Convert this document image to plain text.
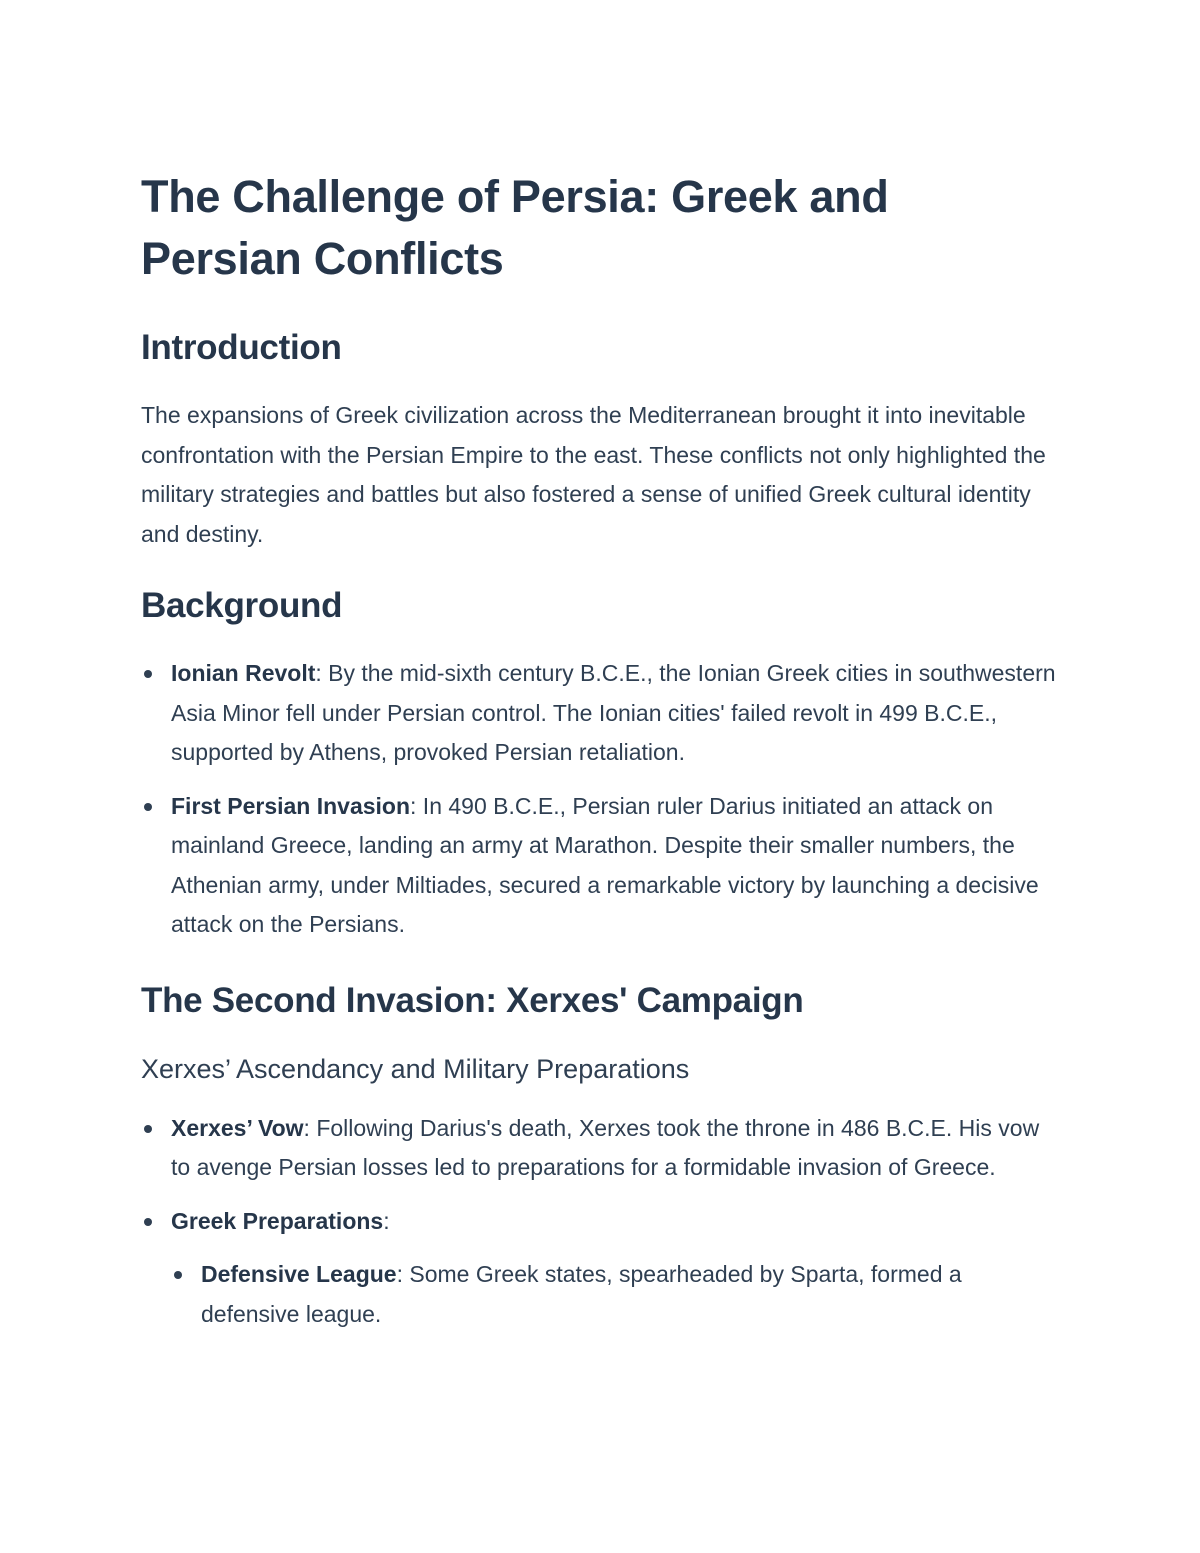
The Challenge of Persia: Greek and Persian Conflicts
Introduction

The expansions of Greek civilization across the Mediterranean brought it into inevitable confrontation with the Persian Empire to the east. These conflicts not only highlighted the military strategies and battles but also fostered a sense of unified Greek cultural identity and destiny.

Background
Ionian Revolt: By the mid-sixth century B.C.E., the Ionian Greek cities in southwestern Asia Minor fell under Persian control. The Ionian cities' failed revolt in 499 B.C.E., supported by Athens, provoked Persian retaliation.
First Persian Invasion: In 490 B.C.E., Persian ruler Darius initiated an attack on mainland Greece, landing an army at Marathon. Despite their smaller numbers, the Athenian army, under Miltiades, secured a remarkable victory by launching a decisive attack on the Persians.
The Second Invasion: Xerxes' Campaign
Xerxes’ Ascendancy and Military Preparations
Xerxes’ Vow: Following Darius's death, Xerxes took the throne in 486 B.C.E. His vow to avenge Persian losses led to preparations for a formidable invasion of Greece.
Greek Preparations:
Defensive League: Some Greek states, spearheaded by Sparta, formed a defensive league.
